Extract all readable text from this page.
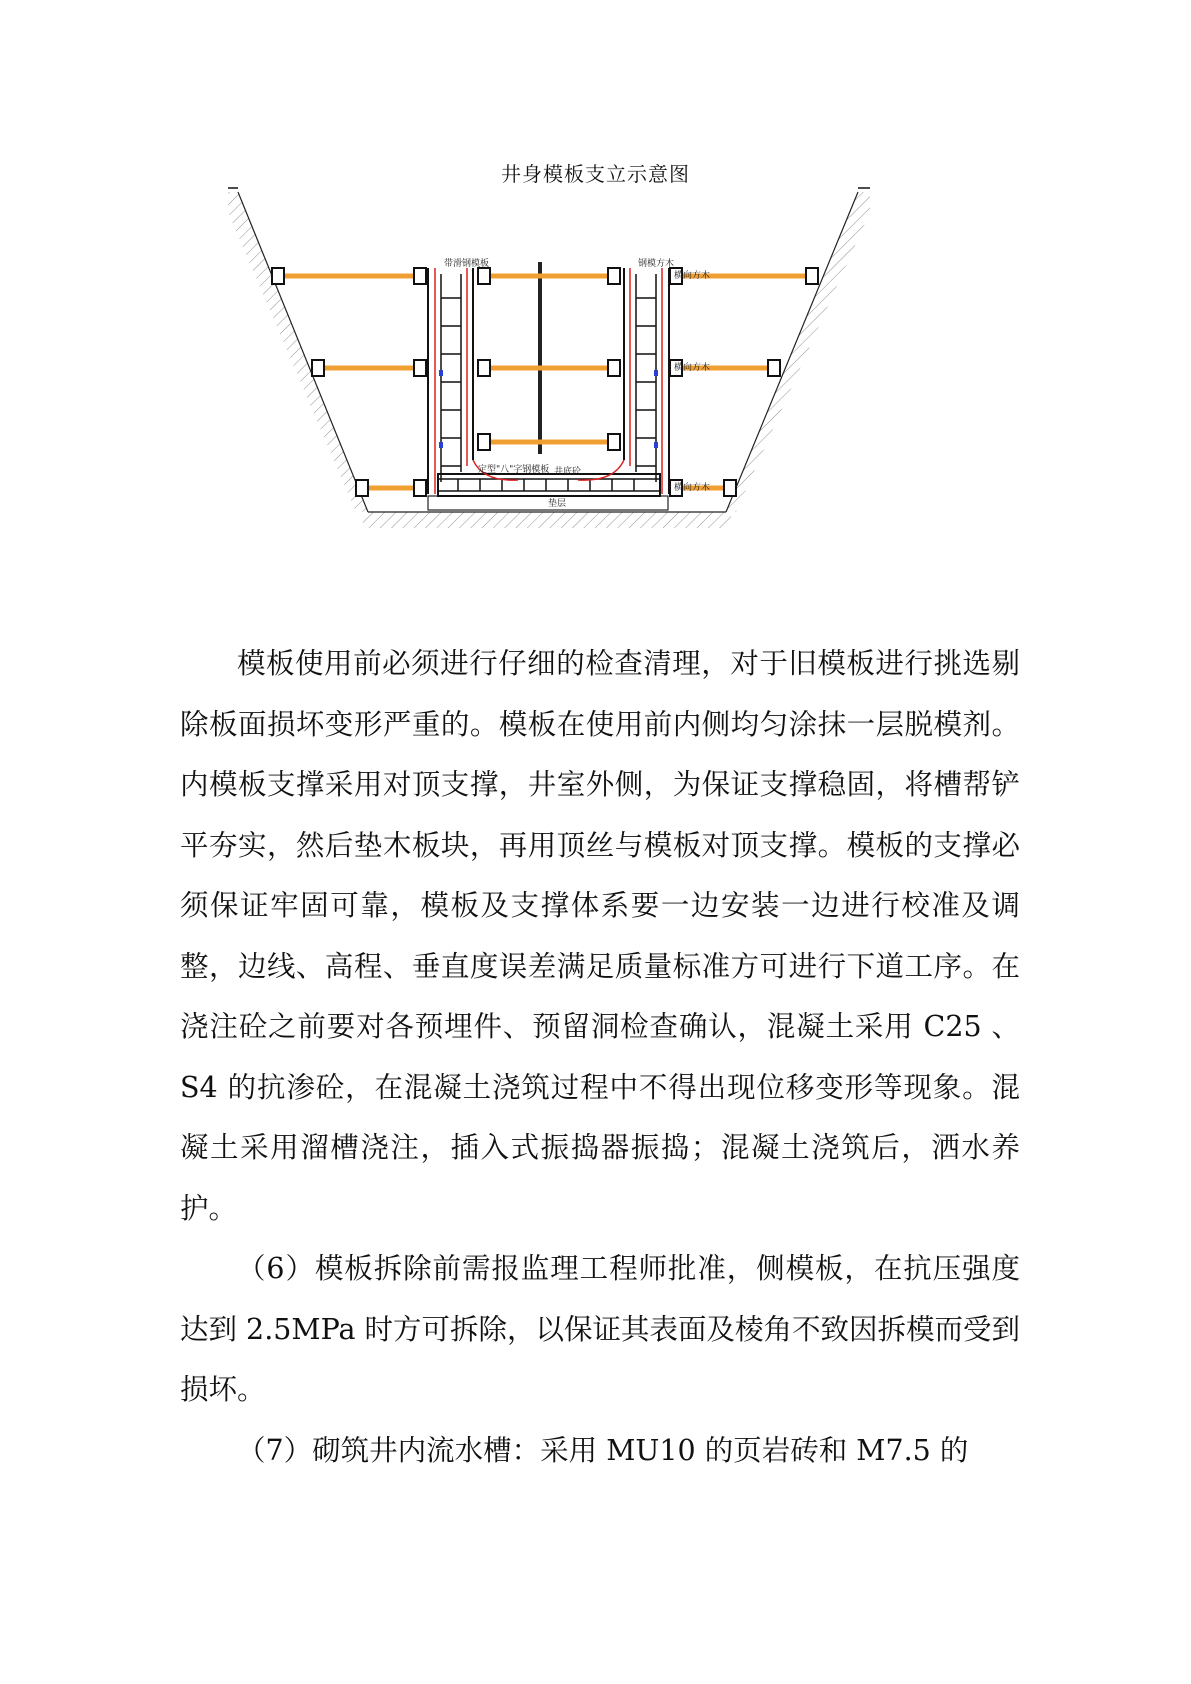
井身模板支立示意图
带滑钢模板	钢模方木
横向方木
横向方木
横向方木
定型"八"字钢模板 井底砼
垫层

模板使用前必须进行仔细的检查清理，对于旧模板进行挑选剔除板面损坏变形严重的。模板在使用前内侧均匀涂抹一层脱模剂。内模板支撑采用对顶支撑，井室外侧，为保证支撑稳固，将槽帮铲平夯实，然后垫木板块，再用顶丝与模板对顶支撑。模板的支撑必须保证牢固可靠，模板及支撑体系要一边安装一边进行校准及调整，边线、高程、垂直度误差满足质量标准方可进行下道工序。在浇注砼之前要对各预埋件、预留洞检查确认，混凝土采用 C25 、S4 的抗渗砼，在混凝土浇筑过程中不得出现位移变形等现象。混凝土采用溜槽浇注，插入式振捣器振捣；混凝土浇筑后，洒水养护。

（6）模板拆除前需报监理工程师批准，侧模板，在抗压强度达到 2.5MPa 时方可拆除，以保证其表面及棱角不致因拆模而受到损坏。

（7）砌筑井内流水槽：采用 MU10 的页岩砖和 M7.5 的
